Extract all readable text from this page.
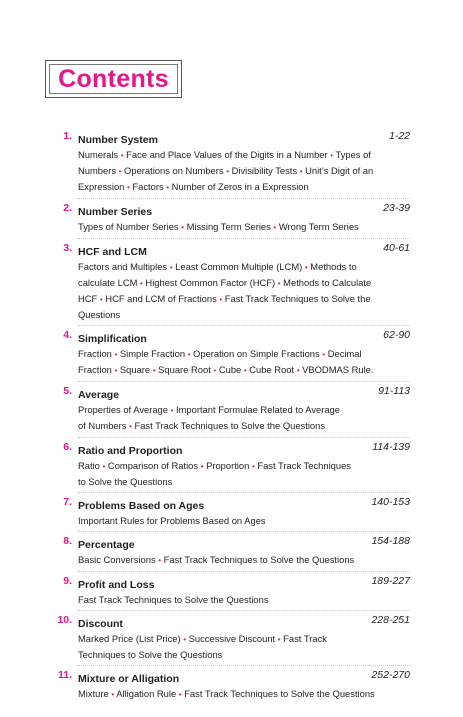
Contents
1. Number System	1-22
Numerals • Face and Place Values of the Digits in a Number • Types of
Numbers • Operations on Numbers • Divisibility Tests • Unit’s Digit of an
Expression • Factors • Number of Zeros in a Expression
2. Number Series	23-39
Types of Number Series • Missing Term Series • Wrong Term Series
3. HCF and LCM	40-61
Factors and Multiples • Least Common Multiple (LCM) • Methods to
calculate LCM • Highest Common Factor (HCF) • Methods to Calculate
HCF • HCF and LCM of Fractions • Fast Track Techniques to Solve the
Questions
4. Simplification	62-90
Fraction • Simple Fraction • Operation on Simple Fractions • Decimal
Fraction • Square • Square Root • Cube • Cube Root • VBODMAS Rule.
5. Average	91-113
Properties of Average • Important Formulae Related to Average
of Numbers • Fast Track Techniques to Solve the Questions
6. Ratio and Proportion	114-139
Ratio • Comparison of Ratios • Proportion • Fast Track Techniques
to Solve the Questions
7. Problems Based on Ages	140-153
Important Rules for Problems Based on Ages
8. Percentage	154-188
Basic Conversions • Fast Track Techniques to Solve the Questions
9. Profit and Loss	189-227
Fast Track Techniques to Solve the Questions
10. Discount	228-251
Marked Price (List Price) • Successive Discount • Fast Track
Techniques to Solve the Questions
11. Mixture or Alligation	252-270
Mixture • Alligation Rule • Fast Track Techniques to Solve the Questions
